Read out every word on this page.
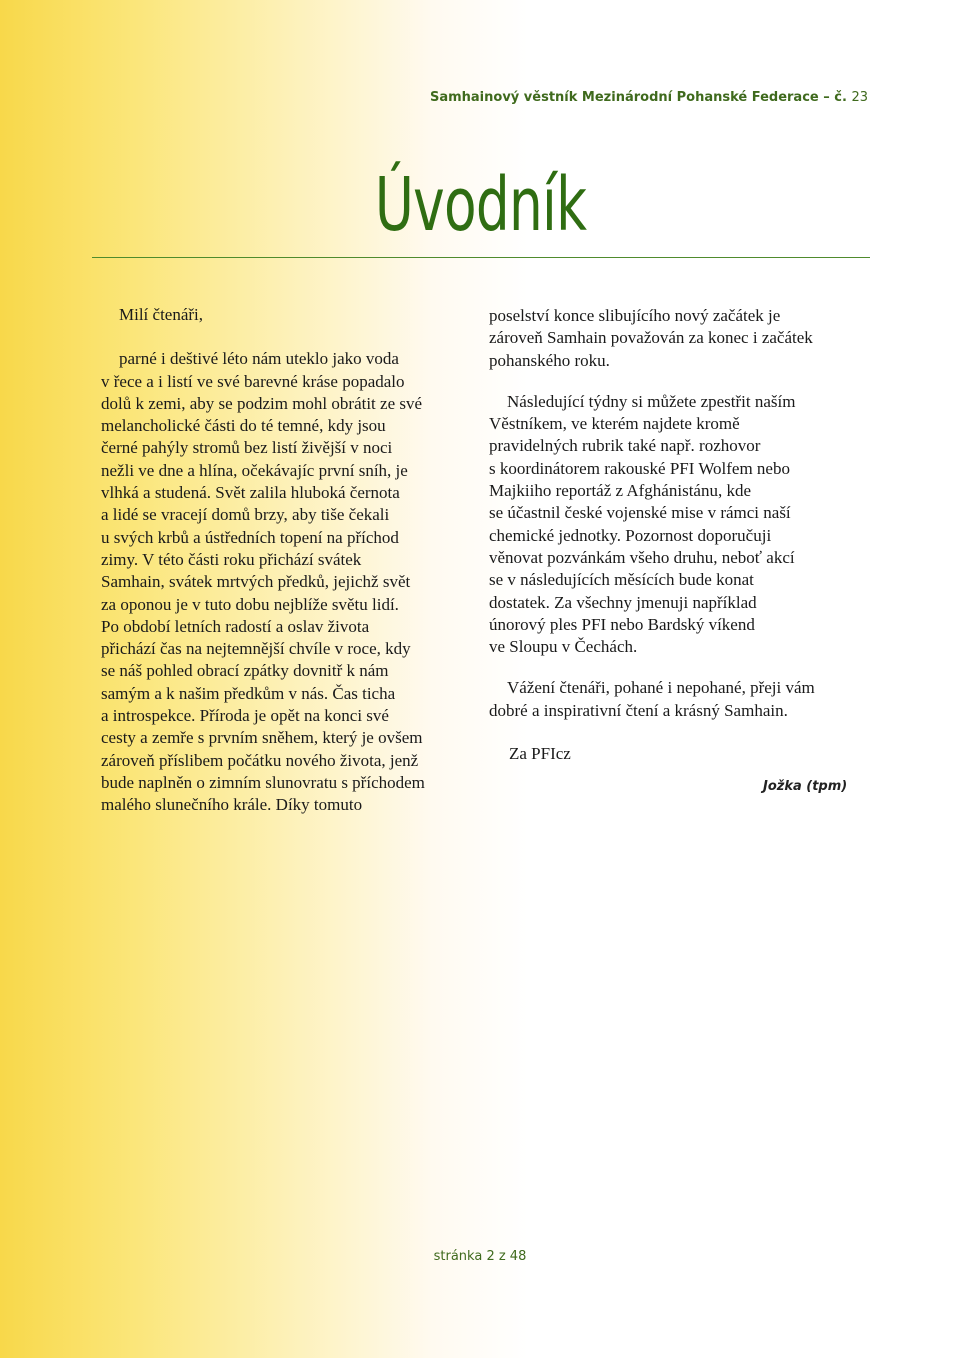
Samhainový věstník Mezinárodní Pohanské Federace – č. 23
Úvodník

Milí čtenáři,

parné i deštivé léto nám uteklo jako voda

v řece a i listí ve své barevné kráse popadalo

dolů k zemi, aby se podzim mohl obrátit ze své

melancholické části do té temné, kdy jsou

černé pahýly stromů bez listí živější v noci

nežli ve dne a hlína, očekávajíc první sníh, je

vlhká a studená. Svět zalila hluboká černota

a lidé se vracejí domů brzy, aby tiše čekali

u svých krbů a ústředních topení na příchod

zimy. V této části roku přichází svátek

Samhain, svátek mrtvých předků, jejichž svět

za oponou je v tuto dobu nejblíže světu lidí.

Po období letních radostí a oslav života

přichází čas na nejtemnější chvíle v roce, kdy

se náš pohled obrací zpátky dovnitř k nám

samým a k našim předkům v nás. Čas ticha

a introspekce. Příroda je opět na konci své

cesty a zemře s prvním sněhem, který je ovšem

zároveň příslibem počátku nového života, jenž

bude naplněn o zimním slunovratu s příchodem

malého slunečního krále. Díky tomuto

poselství konce slibujícího nový začátek je

zároveň Samhain považován za konec i začátek

pohanského roku.

Následující týdny si můžete zpestřit naším

Věstníkem, ve kterém najdete kromě

pravidelných rubrik také např. rozhovor

s koordinátorem rakouské PFI Wolfem nebo

Majkiiho reportáž z Afghánistánu, kde

se účastnil české vojenské mise v rámci naší

chemické jednotky. Pozornost doporučuji

věnovat pozvánkám všeho druhu, neboť akcí

se v následujících měsících bude konat

dostatek. Za všechny jmenuji například

únorový ples PFI nebo Bardský víkend

ve Sloupu v Čechách.

Vážení čtenáři, pohané i nepohané, přeji vám

dobré a inspirativní čtení a krásný Samhain.

Za PFIcz

Jožka (tpm)
stránka 2 z 48
